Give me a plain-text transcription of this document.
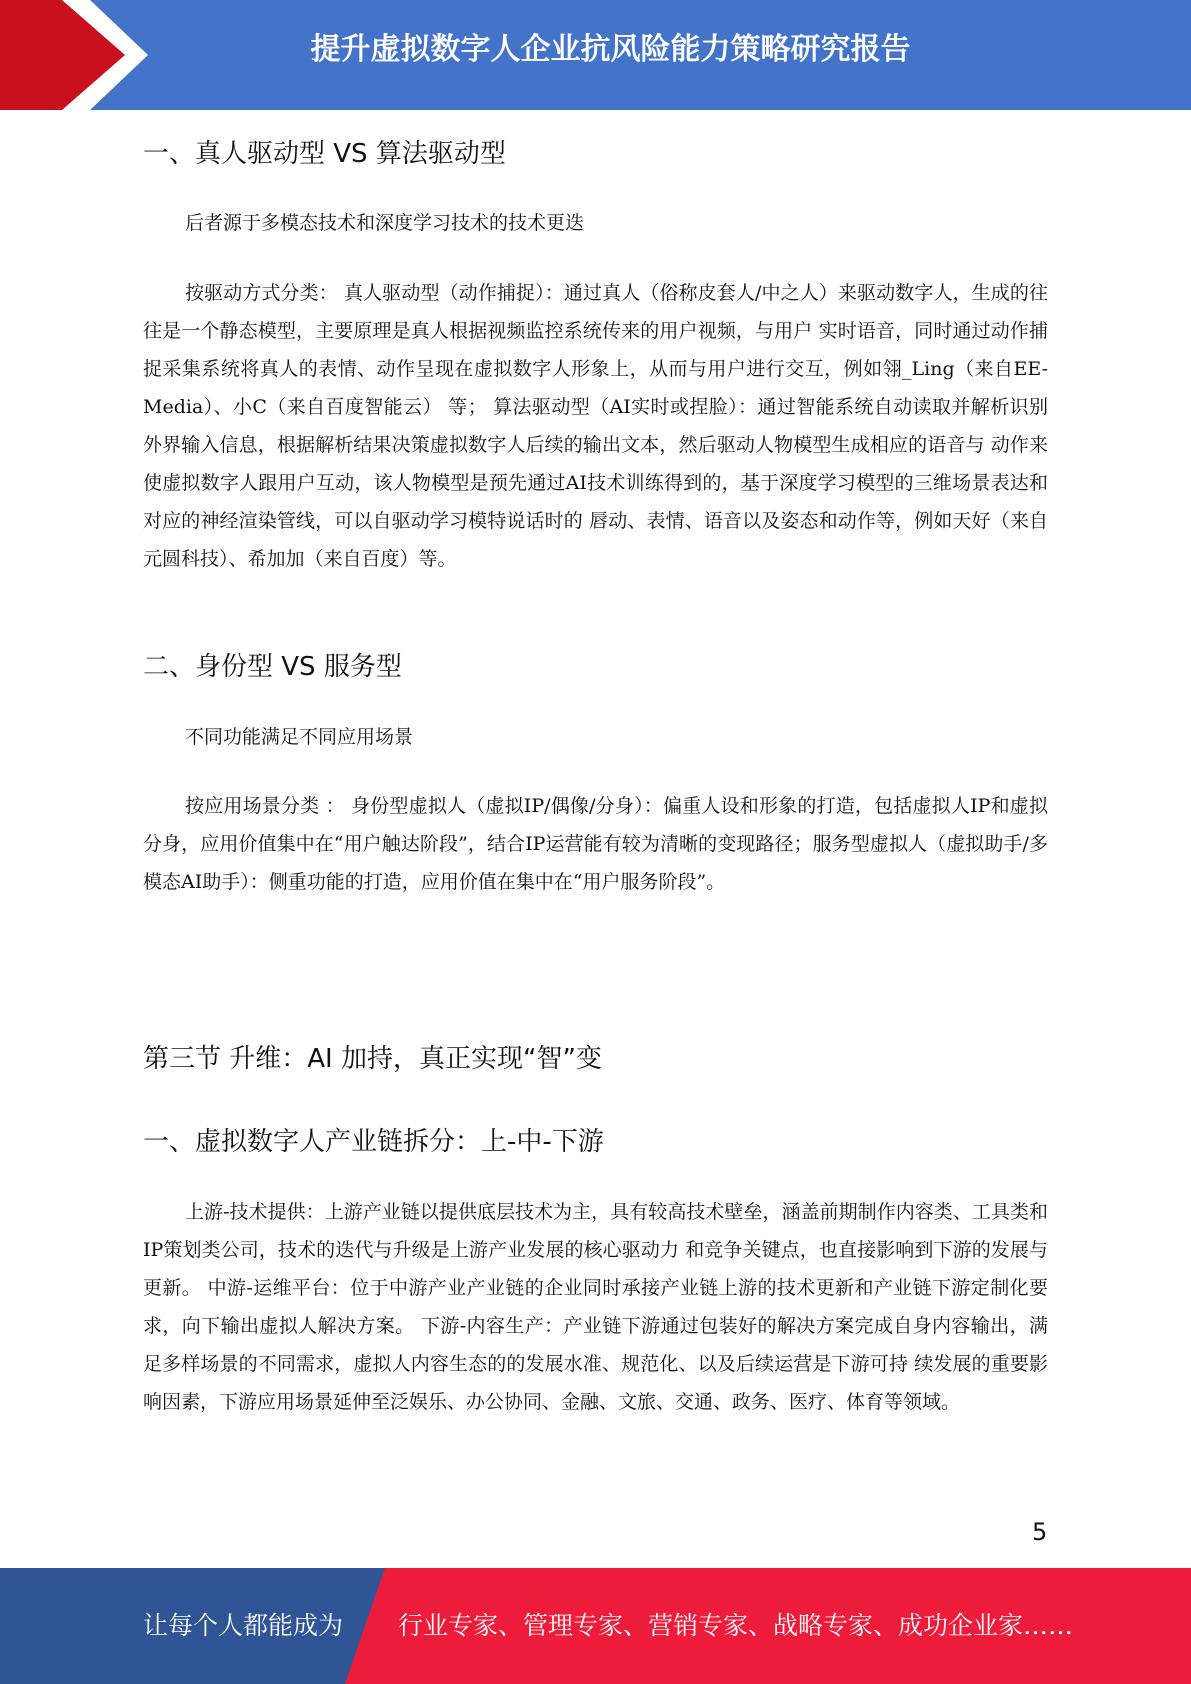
提升虚拟数字人企业抗风险能力策略研究报告
一、真人驱动型 VS 算法驱动型

后者源于多模态技术和深度学习技术的技术更迭

按驱动方式分类： 真人驱动型（动作捕捉）：通过真人（俗称皮套人/中之人）来驱动数字人，生成的往往是一个静态模型，主要原理是真人根据视频监控系统传来的用户视频，与用户 实时语音，同时通过动作捕捉采集系统将真人的表情、动作呈现在虚拟数字人形象上，从而与用户进行交互，例如翎_Ling（来自EE-Media）、小C（来自百度智能云） 等； 算法驱动型（AI实时或捏脸）：通过智能系统自动读取并解析识别外界输入信息，根据解析结果决策虚拟数字人后续的输出文本，然后驱动人物模型生成相应的语音与 动作来使虚拟数字人跟用户互动，该人物模型是预先通过AI技术训练得到的，基于深度学习模型的三维场景表达和对应的神经渲染管线，可以自驱动学习模特说话时的 唇动、表情、语音以及姿态和动作等，例如天好（来自元圆科技）、希加加（来自百度）等。

二、身份型 VS 服务型

不同功能满足不同应用场景

按应用场景分类 ： 身份型虚拟人（虚拟IP/偶像/分身）：偏重人设和形象的打造，包括虚拟人IP和虚拟分身，应用价值集中在“用户触达阶段”，结合IP运营能有较为清晰的变现路径；服务型虚拟人（虚拟助手/多模态AI助手）：侧重功能的打造，应用价值在集中在“用户服务阶段”。

第三节 升维：AI 加持，真正实现“智”变
一、虚拟数字人产业链拆分：上-中-下游

上游-技术提供：上游产业链以提供底层技术为主，具有较高技术壁垒，涵盖前期制作内容类、工具类和IP策划类公司，技术的迭代与升级是上游产业发展的核心驱动力 和竞争关键点，也直接影响到下游的发展与更新。 中游-运维平台：位于中游产业产业链的企业同时承接产业链上游的技术更新和产业链下游定制化要求，向下输出虚拟人解决方案。 下游-内容生产：产业链下游通过包装好的解决方案完成自身内容输出，满足多样场景的不同需求，虚拟人内容生态的的发展水准、规范化、以及后续运营是下游可持 续发展的重要影响因素，下游应用场景延伸至泛娱乐、办公协同、金融、文旅、交通、政务、医疗、体育等领域。

5
让每个人都能成为 行业专家、管理专家、营销专家、战略专家、成功企业家……
